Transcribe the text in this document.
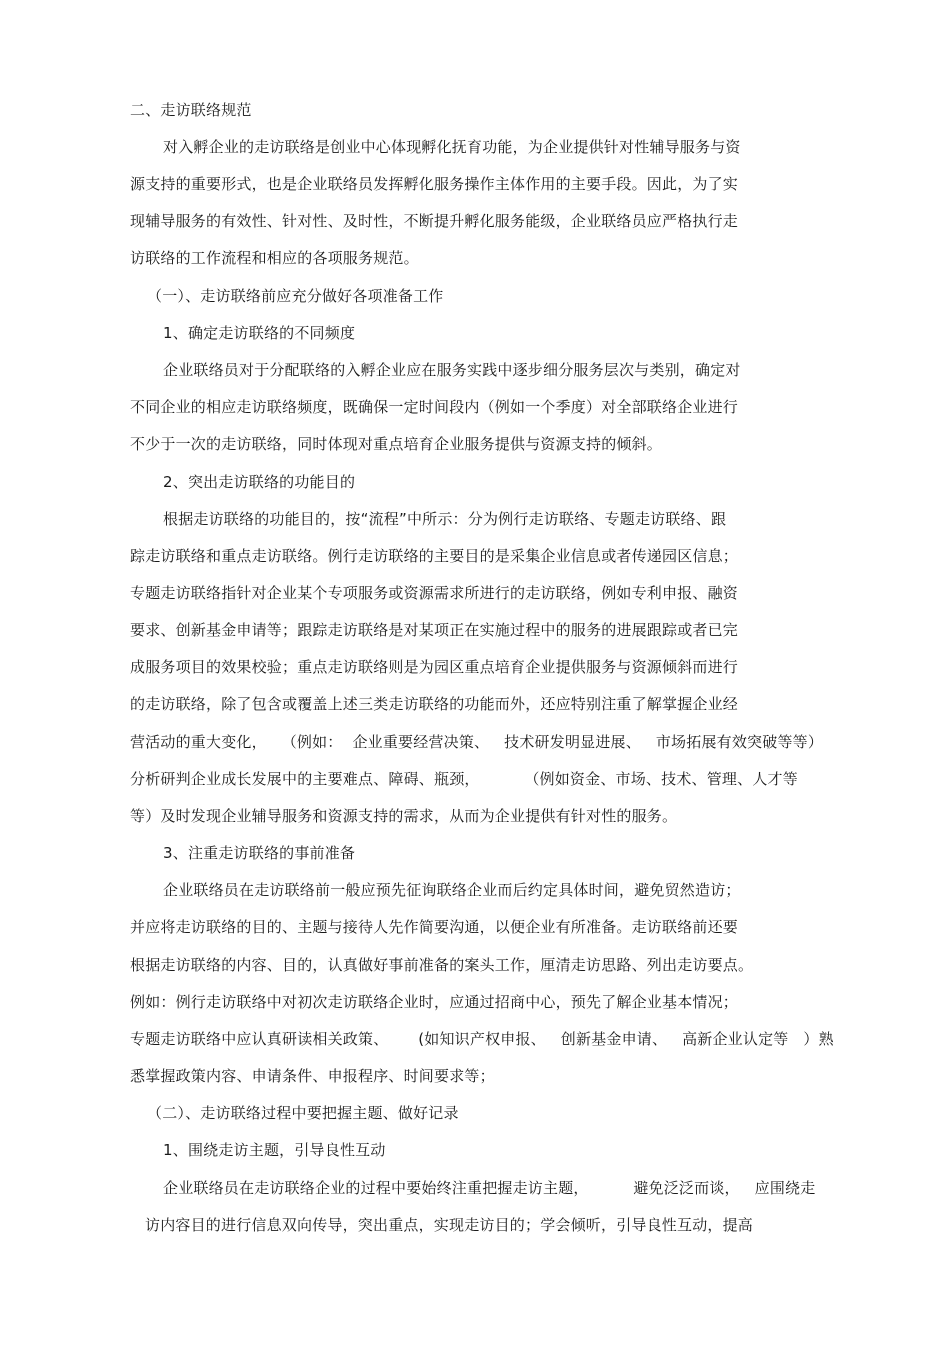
二、走访联络规范
对入孵企业的走访联络是创业中心体现孵化抚育功能，为企业提供针对性辅导服务与资
源支持的重要形式，也是企业联络员发挥孵化服务操作主体作用的主要手段。因此，为了实
现辅导服务的有效性、针对性、及时性，不断提升孵化服务能级，企业联络员应严格执行走
访联络的工作流程和相应的各项服务规范。
（一）、走访联络前应充分做好各项准备工作
1、确定走访联络的不同频度
企业联络员对于分配联络的入孵企业应在服务实践中逐步细分服务层次与类别，确定对
不同企业的相应走访联络频度，既确保一定时间段内（例如一个季度）对全部联络企业进行
不少于一次的走访联络，同时体现对重点培育企业服务提供与资源支持的倾斜。
2、突出走访联络的功能目的
根据走访联络的功能目的，按“流程”中所示：分为例行走访联络、专题走访联络、跟
踪走访联络和重点走访联络。例行走访联络的主要目的是采集企业信息或者传递园区信息；
专题走访联络指针对企业某个专项服务或资源需求所进行的走访联络，例如专利申报、融资
要求、创新基金申请等；跟踪走访联络是对某项正在实施过程中的服务的进展跟踪或者已完
成服务项目的效果校验；重点走访联络则是为园区重点培育企业提供服务与资源倾斜而进行
的走访联络，除了包含或覆盖上述三类走访联络的功能而外，还应特别注重了解掌握企业经
营活动的重大变化，   （例如：  企业重要经营决策、   技术研发明显进展、   市场拓展有效突破等等）
分析研判企业成长发展中的主要难点、障碍、瓶颈，         （例如资金、市场、技术、管理、人才等
等）及时发现企业辅导服务和资源支持的需求，从而为企业提供有针对性的服务。
3、注重走访联络的事前准备
企业联络员在走访联络前一般应预先征询联络企业而后约定具体时间，避免贸然造访；
并应将走访联络的目的、主题与接待人先作简要沟通，以便企业有所准备。走访联络前还要
根据走访联络的内容、目的，认真做好事前准备的案头工作，厘清走访思路、列出走访要点。
例如：例行走访联络中对初次走访联络企业时，应通过招商中心，预先了解企业基本情况；
专题走访联络中应认真研读相关政策、      (如知识产权申报、   创新基金申请、   高新企业认定等   ）熟
悉掌握政策内容、申请条件、申报程序、时间要求等；
（二）、走访联络过程中要把握主题、做好记录
1、围绕走访主题，引导良性互动
企业联络员在走访联络企业的过程中要始终注重把握走访主题，         避免泛泛而谈，   应围绕走
访内容目的进行信息双向传导，突出重点，实现走访目的；学会倾听，引导良性互动，提高
